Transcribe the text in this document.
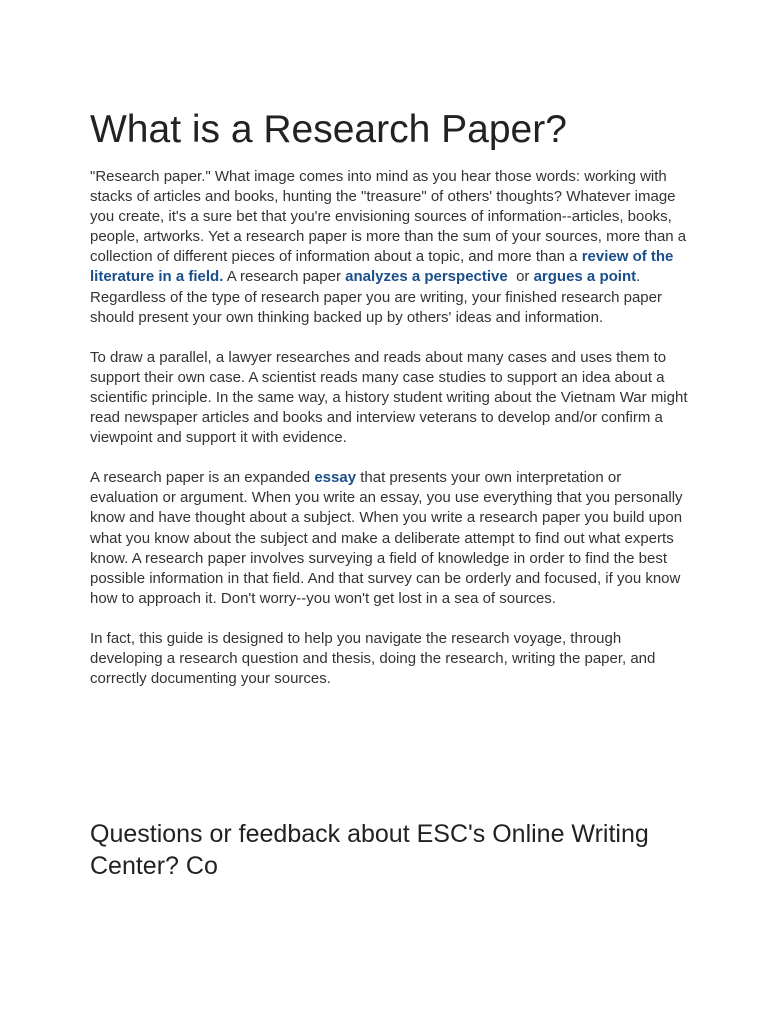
What is a Research Paper?

"Research paper." What image comes into mind as you hear those words: working with stacks of articles and books, hunting the "treasure" of others' thoughts? Whatever image you create, it's a sure bet that you're envisioning sources of information--articles, books, people, artworks. Yet a research paper is more than the sum of your sources, more than a collection of different pieces of information about a topic, and more than a review of the literature in a field. A research paper analyzes a perspective  or argues a point. Regardless of the type of research paper you are writing, your finished research paper should present your own thinking backed up by others' ideas and information.

To draw a parallel, a lawyer researches and reads about many cases and uses them to support their own case. A scientist reads many case studies to support an idea about a scientific principle. In the same way, a history student writing about the Vietnam War might read newspaper articles and books and interview veterans to develop and/or confirm a viewpoint and support it with evidence.

A research paper is an expanded essay that presents your own interpretation or evaluation or argument. When you write an essay, you use everything that you personally know and have thought about a subject. When you write a research paper you build upon what you know about the subject and make a deliberate attempt to find out what experts know. A research paper involves surveying a field of knowledge in order to find the best possible information in that field. And that survey can be orderly and focused, if you know how to approach it. Don't worry--you won't get lost in a sea of sources.

In fact, this guide is designed to help you navigate the research voyage, through developing a research question and thesis, doing the research, writing the paper, and correctly documenting your sources.

Questions or feedback about ESC's Online Writing Center? Co
